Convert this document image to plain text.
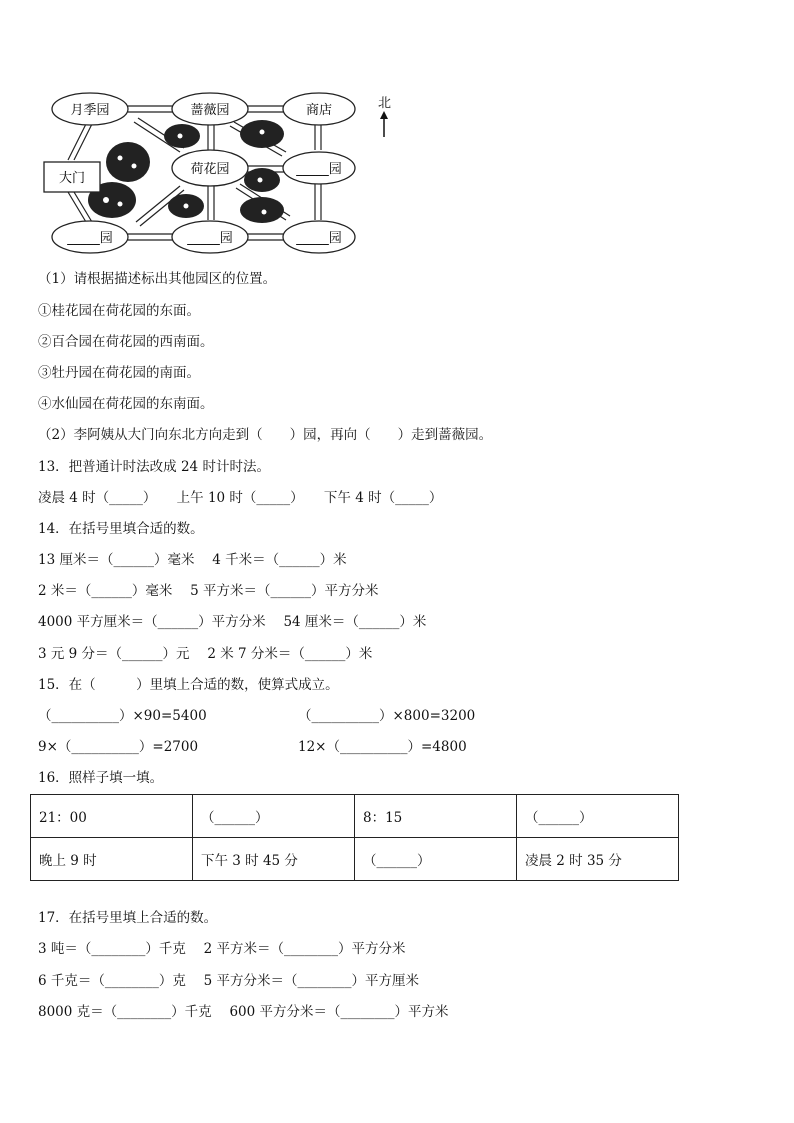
月季园	蔷薇园	商店
荷花园	_____园
大门
_____园	_____园	_____园
北
（1）请根据描述标出其他园区的位置。
①桂花园在荷花园的东面。
②百合园在荷花园的西南面。
③牡丹园在荷花园的南面。
④水仙园在荷花园的东南面。
（2）李阿姨从大门向东北方向走到（　　）园，再向（　　）走到蔷薇园。
13．把普通计时法改成 24 时计时法。
凌晨 4 时（_____）　　上午 10 时（_____）　　下午 4 时（_____）
14．在括号里填合适的数。
13 厘米＝（______）毫米　 4 千米＝（______）米
2 米＝（______）毫米　 5 平方米＝（______）平方分米
4000 平方厘米＝（______）平方分米　 54 厘米＝（______）米
3 元 9 分＝（______）元　 2 米 7 分米＝（______）米
15．在（　　　）里填上合适的数，使算式成立。
（__________）×90=5400	（__________）×800=3200
9×（__________）=2700	12×（__________）=4800
16．照样子填一填。
21：00	（______）	8：15	（______）
晚上 9 时	下午 3 时 45 分	（______）	凌晨 2 时 35 分
17．在括号里填上合适的数。
3 吨＝（________）千克　 2 平方米＝（________）平方分米
6 千克＝（________）克　 5 平方分米＝（________）平方厘米
8000 克＝（________）千克　 600 平方分米＝（________）平方米
